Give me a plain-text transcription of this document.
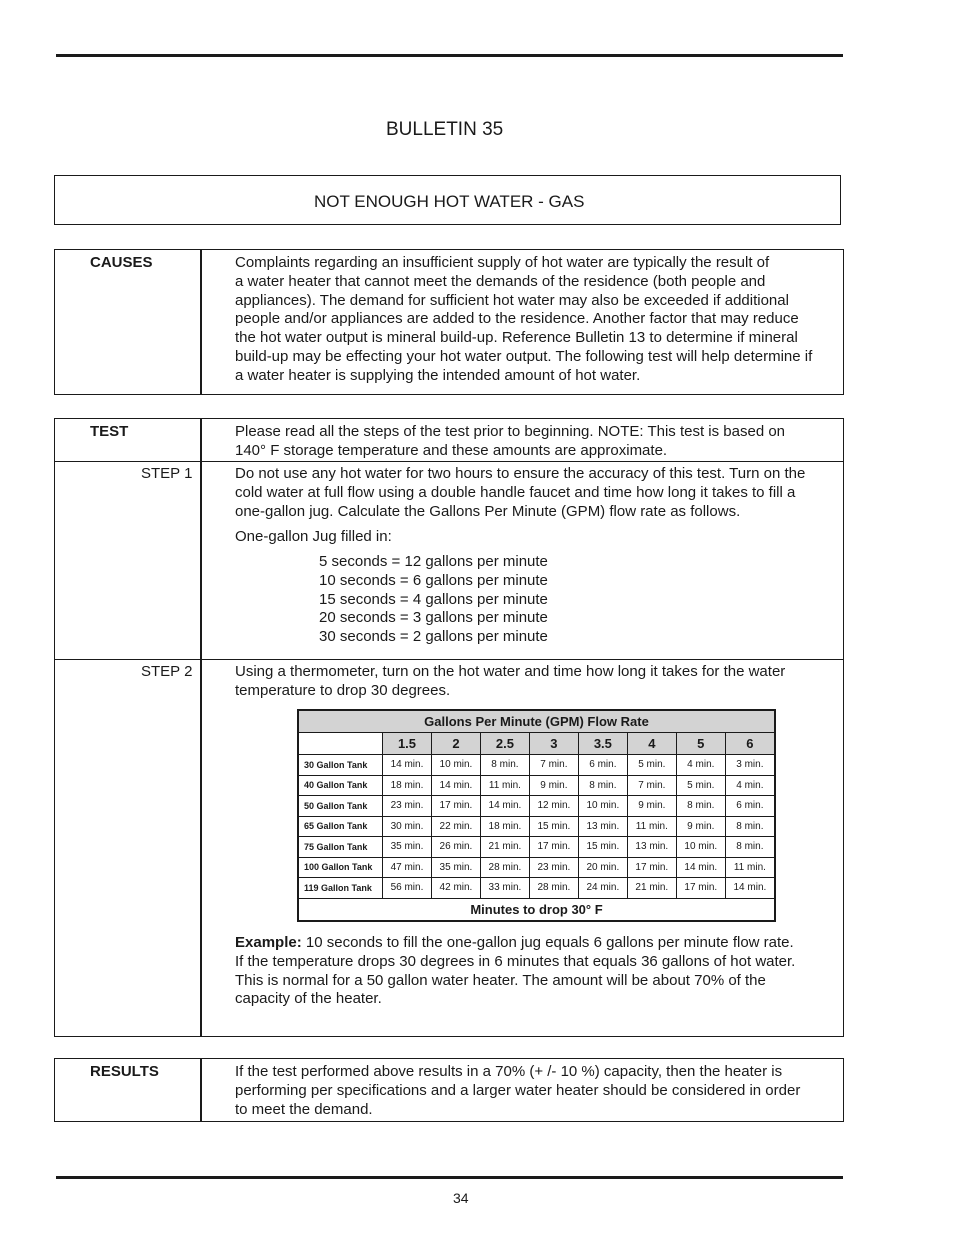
BULLETIN 35
NOT ENOUGH HOT WATER - GAS
CAUSES	Complaints regarding an insufficient supply of hot water are typically the result of
a water heater that cannot meet the demands of the residence (both people and
appliances). The demand for sufficient hot water may also be exceeded if additional
people and/or appliances are added to the residence. Another factor that may reduce
the hot water output is mineral build-up. Reference Bulletin 13 to determine if mineral
build-up may be effecting your hot water output. The following test will help determine if
a water heater is supplying the intended amount of hot water.
TEST	Please read all the steps of the test prior to beginning. NOTE: This test is based on
140° F storage temperature and these amounts are approximate.
STEP 1	Do not use any hot water for two hours to ensure the accuracy of this test. Turn on the
cold water at full flow using a double handle faucet and time how long it takes to fill a
one-gallon jug. Calculate the Gallons Per Minute (GPM) flow rate as follows.
One-gallon Jug filled in:
5 seconds = 12 gallons per minute
10 seconds = 6 gallons per minute
15 seconds = 4 gallons per minute
20 seconds = 3 gallons per minute
30 seconds = 2 gallons per minute
STEP 2	Using a thermometer, turn on the hot water and time how long it takes for the water
temperature to drop 30 degrees.
Gallons Per Minute (GPM) Flow Rate								
	1.5	2	2.5	3	3.5	4	5	6
30 Gallon Tank	14 min.	10 min.	8 min.	7 min.	6 min.	5 min.	4 min.	3 min.
40 Gallon Tank	18 min.	14 min.	11 min.	9 min.	8 min.	7 min.	5 min.	4 min.
50 Gallon Tank	23 min.	17 min.	14 min.	12 min.	10 min.	9 min.	8 min.	6 min.
65 Gallon Tank	30 min.	22 min.	18 min.	15 min.	13 min.	11 min.	9 min.	8 min.
75 Gallon Tank	35 min.	26 min.	21 min.	17 min.	15 min.	13 min.	10 min.	8 min.
100 Gallon Tank	47 min.	35 min.	28 min.	23 min.	20 min.	17 min.	14 min.	11 min.
119 Gallon Tank	56 min.	42 min.	33 min.	28 min.	24 min.	21 min.	17 min.	14 min.
Minutes to drop 30° F								
Example: 10 seconds to fill the one-gallon jug equals 6 gallons per minute flow rate.
If the temperature drops 30 degrees in 6 minutes that equals 36 gallons of hot water.
This is normal for a 50 gallon water heater. The amount will be about 70% of the
capacity of the heater.
RESULTS	If the test performed above results in a 70% (+ /- 10 %) capacity, then the heater is
performing per specifications and a larger water heater should be considered in order
to meet the demand.
34
